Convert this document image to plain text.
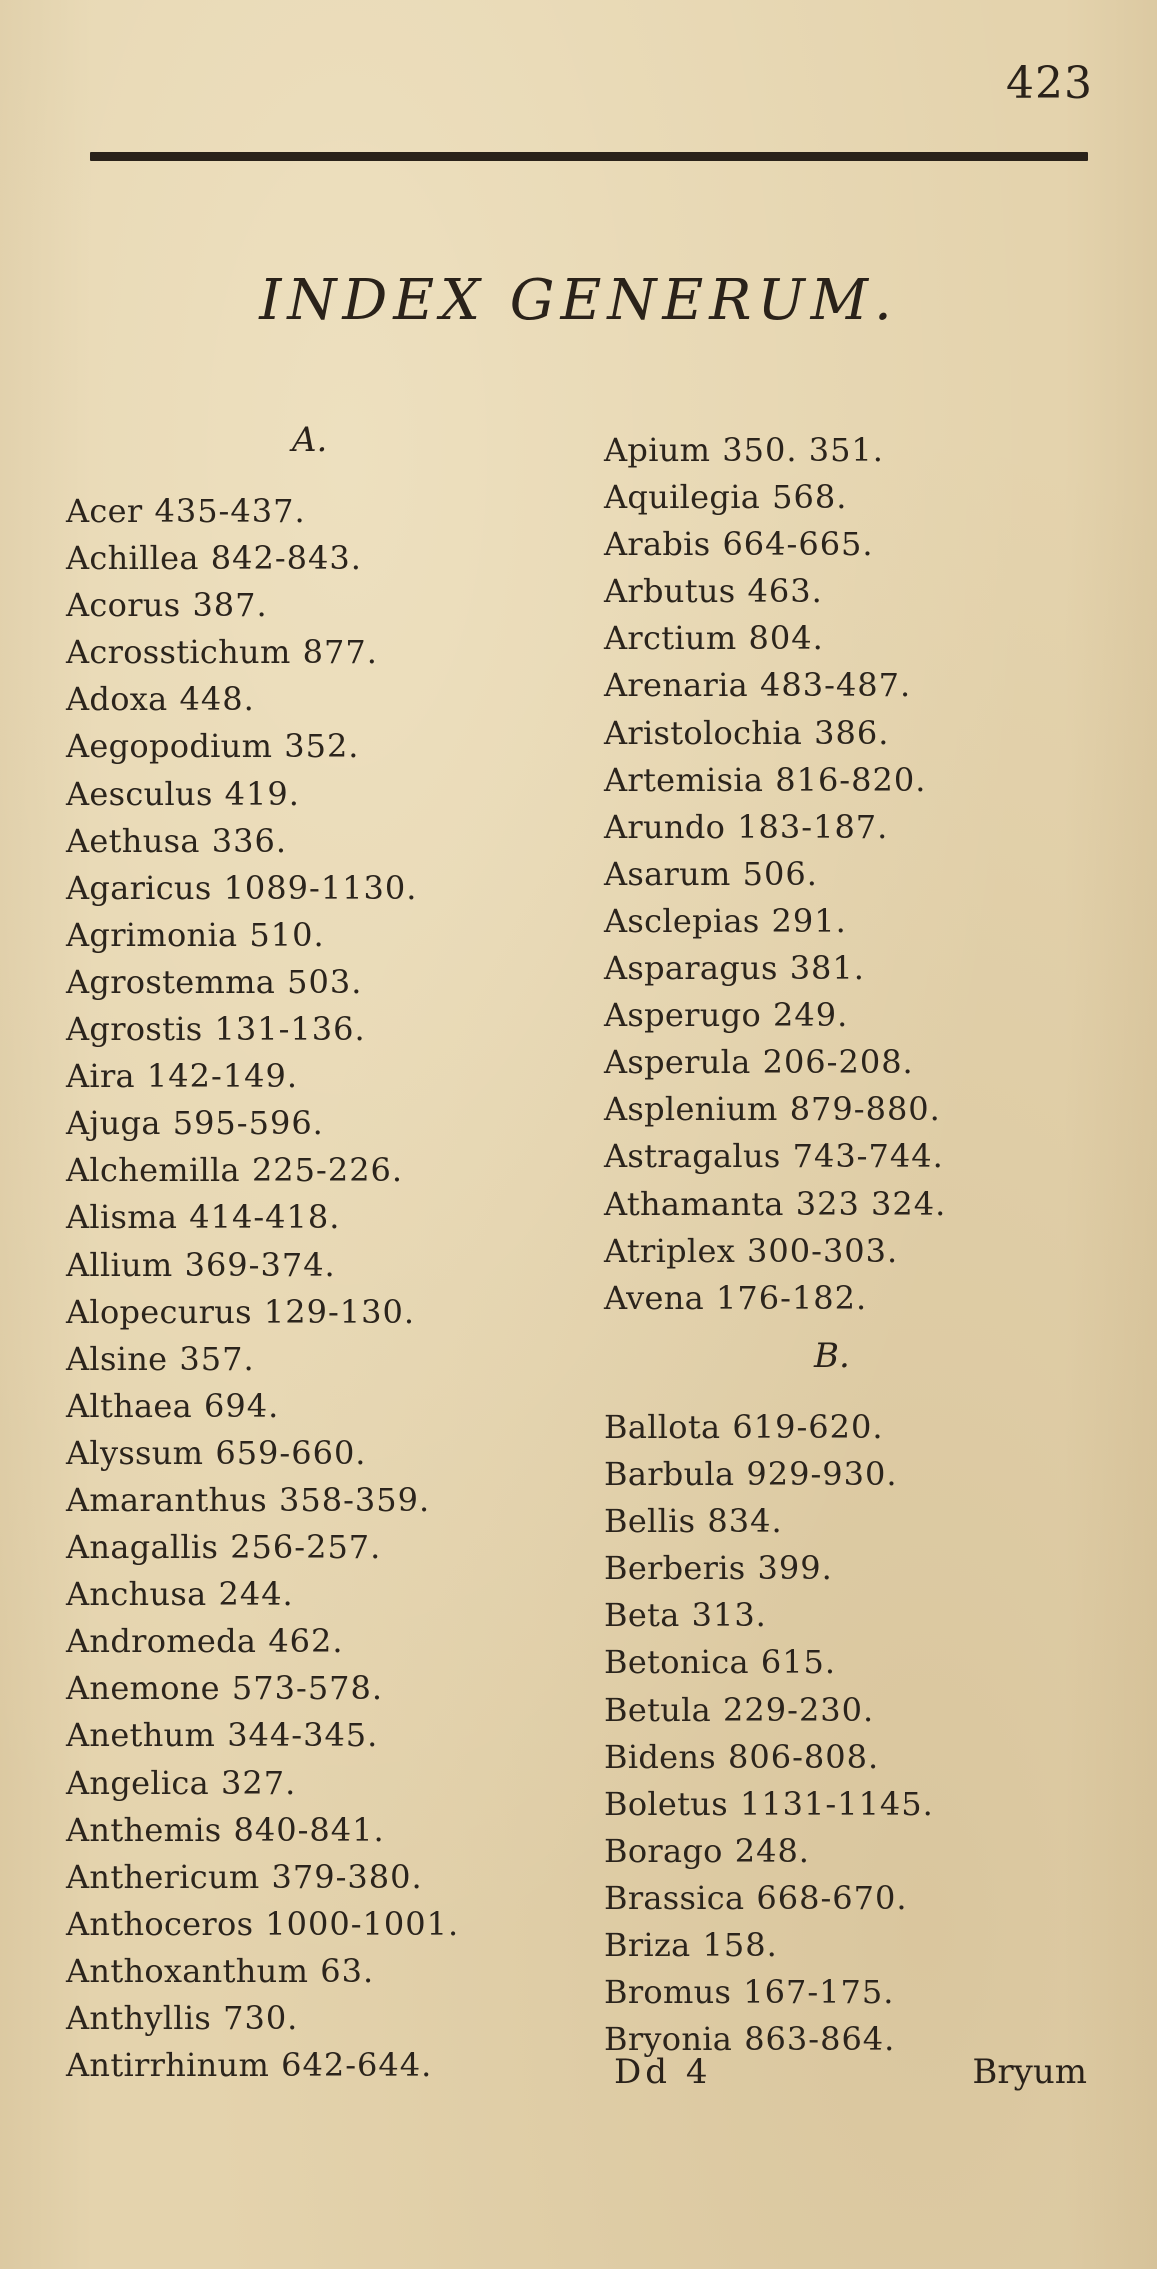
423
INDEX GENERUM.
A.
Acer 435-437.
Achillea 842-843.
Acorus 387.
Acrosstichum 877.
Adoxa 448.
Aegopodium 352.
Aesculus 419.
Aethusa 336.
Agaricus 1089-1130.
Agrimonia 510.
Agrostemma 503.
Agrostis 131-136.
Aira 142-149.
Ajuga 595-596.
Alchemilla 225-226.
Alisma 414-418.
Allium 369-374.
Alopecurus 129-130.
Alsine 357.
Althaea 694.
Alyssum 659-660.
Amaranthus 358-359.
Anagallis 256-257.
Anchusa 244.
Andromeda 462.
Anemone 573-578.
Anethum 344-345.
Angelica 327.
Anthemis 840-841.
Anthericum 379-380.
Anthoceros 1000-1001.
Anthoxanthum 63.
Anthyllis 730.
Antirrhinum 642-644.
Apium 350. 351.
Aquilegia 568.
Arabis 664-665.
Arbutus 463.
Arctium 804.
Arenaria 483-487.
Aristolochia 386.
Artemisia 816-820.
Arundo 183-187.
Asarum 506.
Asclepias 291.
Asparagus 381.
Asperugo 249.
Asperula 206-208.
Asplenium 879-880.
Astragalus 743-744.
Athamanta 323 324.
Atriplex 300-303.
Avena 176-182.
B.
Ballota 619-620.
Barbula 929-930.
Bellis 834.
Berberis 399.
Beta 313.
Betonica 615.
Betula 229-230.
Bidens 806-808.
Boletus 1131-1145.
Borago 248.
Brassica 668-670.
Briza 158.
Bromus 167-175.
Bryonia 863-864.
Dd 4	Bryum
